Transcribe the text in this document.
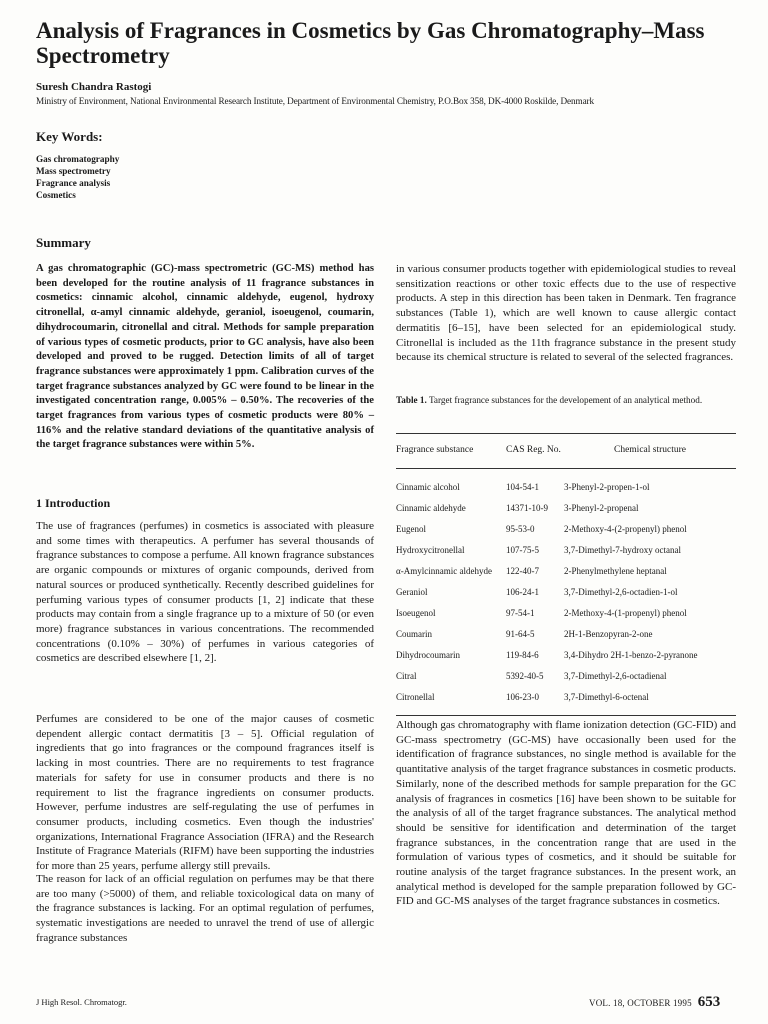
Analysis of Fragrances in Cosmetics by Gas Chromatography–Mass Spectrometry
Suresh Chandra Rastogi
Ministry of Environment, National Environmental Research Institute, Department of Environmental Chemistry, P.O.Box 358, DK-4000 Roskilde, Denmark
Key Words:
Gas chromatography
Mass spectrometry
Fragrance analysis
Cosmetics
Summary

A gas chromatographic (GC)-mass spectrometric (GC-MS) method has been developed for the routine analysis of 11 fragrance substances in cosmetics: cinnamic alcohol, cinnamic aldehyde, eugenol, hydroxy citronellal, α-amyl cinnamic aldehyde, geraniol, isoeugenol, coumarin, dihydrocoumarin, citronellal and citral. Methods for sample preparation of various types of cosmetic products, prior to GC analysis, have also been developed and proved to be rugged. Detection limits of all of target fragrance substances were approximately 1 ppm. Calibration curves of the target fragrance substances analyzed by GC were found to be linear in the investigated concentration range, 0.005% – 0.50%. The recoveries of the target fragrances from various types of cosmetic products were 80% – 116% and the relative standard deviations of the quantitative analysis of the target fragrance substances were within 5%.

1 Introduction

The use of fragrances (perfumes) in cosmetics is associated with pleasure and some times with therapeutics. A perfumer has several thousands of fragrance substances to compose a perfume. All known fragrance substances are organic compounds or mixtures of organic compounds, derived from natural sources or produced synthetically. Recently described guidelines for perfuming various types of consumer products [1, 2] indicate that these products may contain from a single fragrance up to a mixture of 50 (or even more) fragrance substances in various concentrations. The recommended concentrations (0.10% – 30%) of perfumes in various categories of cosmetics are described elsewhere [1, 2].

Perfumes are considered to be one of the major causes of cosmetic dependent allergic contact dermatitis [3 – 5]. Official regulation of ingredients that go into fragrances or the compound fragrances itself is lacking in most countries. There are no requirements to test fragrance materials for safety for use in consumer products and there is no requirement to list the fragrance ingredients on consumer products. However, perfume industres are self-regulating the use of perfumes in consumer products, including cosmetics. Even though the industries' organizations, International Fragrance Association (IFRA) and the Research Institute of Fragrance Materials (RIFM) have been supporting the industries for more than 25 years, perfume allergy still prevails.

The reason for lack of an official regulation on perfumes may be that there are too many (>5000) of them, and reliable toxicological data on many of the fragrance substances is lacking. For an optimal regulation of perfumes, systematic investigations are needed to unravel the trend of use of allergic fragrance substances

in various consumer products together with epidemiological studies to reveal sensitization reactions or other toxic effects due to the use of respective products. A step in this direction has been taken in Denmark. Ten fragrance substances (Table 1), which are well known to cause allergic contact dermatitis [6–15], have been selected for an epidemiological study. Citronellal is included as the 11th fragrance substance in the present study because its chemical structure is related to several of the selected fragrances.

Table 1. Target fragrance substances for the developement of an analytical method.

Fragrance substance	CAS Reg. No.	Chemical structure
Cinnamic alcohol	104-54-1	3-Phenyl-2-propen-1-ol
Cinnamic aldehyde	14371-10-9	3-Phenyl-2-propenal
Eugenol	95-53-0	2-Methoxy-4-(2-propenyl) phenol
Hydroxycitronellal	107-75-5	3,7-Dimethyl-7-hydroxy octanal
α-Amylcinnamic aldehyde	122-40-7	2-Phenylmethylene heptanal
Geraniol	106-24-1	3,7-Dimethyl-2,6-octadien-1-ol
Isoeugenol	97-54-1	2-Methoxy-4-(1-propenyl) phenol
Coumarin	91-64-5	2H-1-Benzopyran-2-one
Dihydrocoumarin	119-84-6	3,4-Dihydro 2H-1-benzo-2-pyranone
Citral	5392-40-5	3,7-Dimethyl-2,6-octadienal
Citronellal	106-23-0	3,7-Dimethyl-6-octenal

Although gas chromatography with flame ionization detection (GC-FID) and GC-mass spectrometry (GC-MS) have occasionally been used for the identification of fragrance substances, no single method is available for the quantitative analysis of the target fragrance substances in cosmetic products. Similarly, none of the described methods for sample preparation for the GC analysis of fragrances in cosmetics [16] have been shown to be suitable for the analysis of all of the target fragrance substances. The analytical method should be sensitive for identification and determination of the target fragrance substances, in the concentration range that are used in the formulation of various types of cosmetics, and it should be suitable for routine analysis of the target fragrance substances. In the present work, an analytical method is developed for the sample preparation followed by GC-FID and GC-MS analyses of the target fragrance substances in cosmetics.

J High Resol. Chromatogr.	VOL. 18, OCTOBER 1995 653
